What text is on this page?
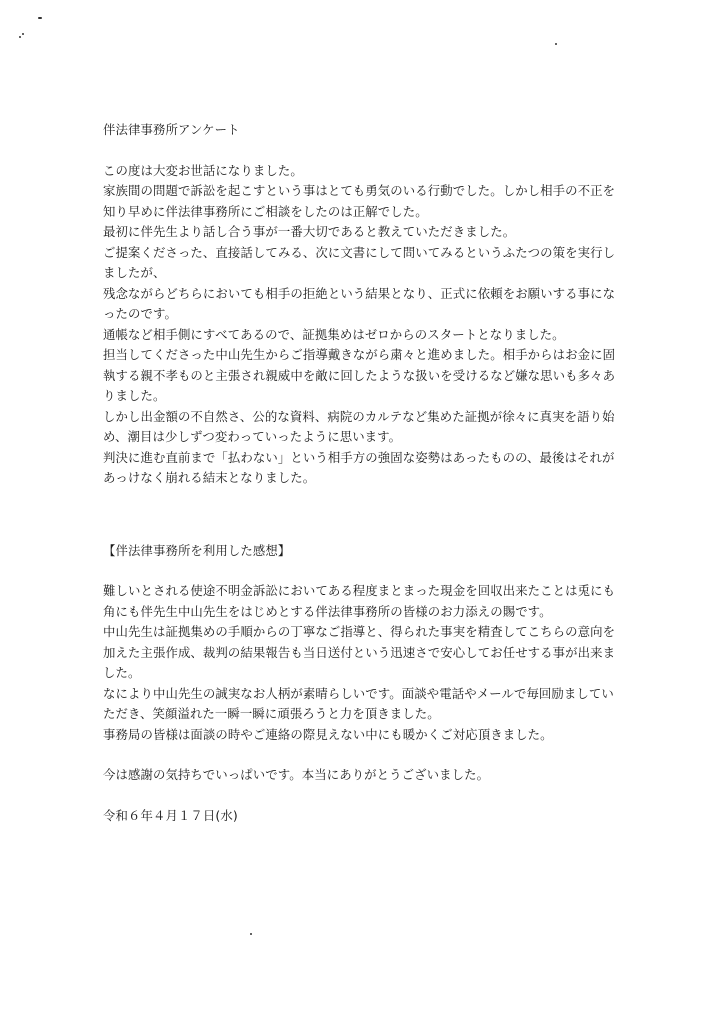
伴法律事務所アンケート

この度は大変お世話になりました。

家族間の問題で訴訟を起こすという事はとても勇気のいる行動でした。しかし相手の不正を知り早めに伴法律事務所にご相談をしたのは正解でした。

最初に伴先生より話し合う事が一番大切であると教えていただきました。

ご提案くださった、直接話してみる、次に文書にして問いてみるというふたつの策を実行しましたが、

残念ながらどちらにおいても相手の拒絶という結果となり、正式に依頼をお願いする事になったのです。

通帳など相手側にすべてあるので、証拠集めはゼロからのスタートとなりました。

担当してくださった中山先生からご指導戴きながら粛々と進めました。相手からはお金に固執する親不孝ものと主張され親威中を敵に回したような扱いを受けるなど嫌な思いも多々ありました。

しかし出金額の不自然さ、公的な資料、病院のカルテなど集めた証拠が徐々に真実を語り始め、潮目は少しずつ変わっていったように思います。

判決に進む直前まで「払わない」という相手方の強固な姿勢はあったものの、最後はそれがあっけなく崩れる結末となりました。

【伴法律事務所を利用した感想】

難しいとされる使途不明金訴訟においてある程度まとまった現金を回収出来たことは兎にも角にも伴先生中山先生をはじめとする伴法律事務所の皆様のお力添えの賜です。

中山先生は証拠集めの手順からの丁寧なご指導と、得られた事実を精査してこちらの意向を加えた主張作成、裁判の結果報告も当日送付という迅速さで安心してお任せする事が出来ました。

なにより中山先生の誠実なお人柄が素晴らしいです。面談や電話やメールで毎回励ましていただき、笑顔溢れた一瞬一瞬に頑張ろうと力を頂きました。

事務局の皆様は面談の時やご連絡の際見えない中にも暖かくご対応頂きました。

今は感謝の気持ちでいっぱいです。本当にありがとうございました。

令和６年４月１７日(水)
